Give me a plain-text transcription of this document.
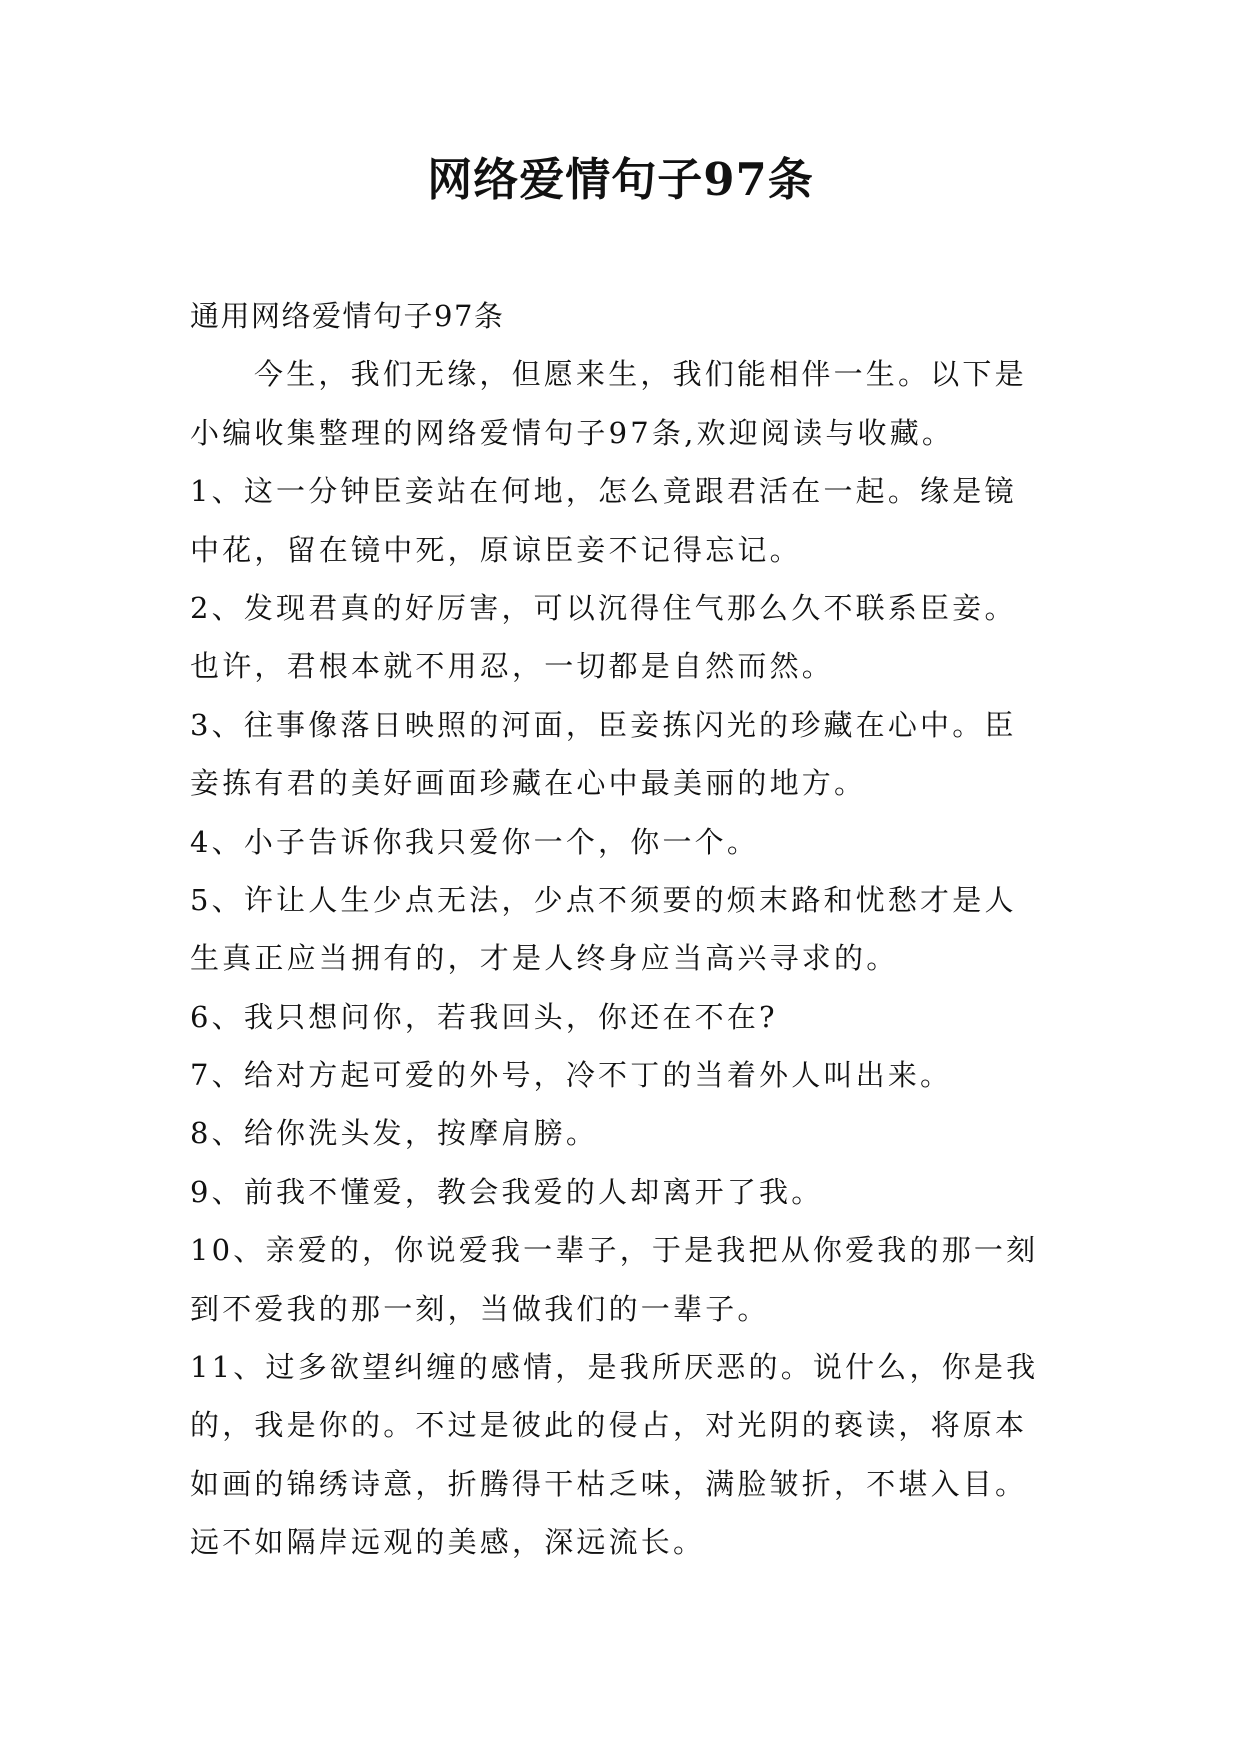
网络爱情句子97条
通用网络爱情句子97条
今生，我们无缘，但愿来生，我们能相伴一生。以下是
小编收集整理的网络爱情句子97条,欢迎阅读与收藏。
1、这一分钟臣妾站在何地，怎么竟跟君活在一起。缘是镜
中花，留在镜中死，原谅臣妾不记得忘记。
2、发现君真的好厉害，可以沉得住气那么久不联系臣妾。
也许，君根本就不用忍，一切都是自然而然。
3、往事像落日映照的河面，臣妾拣闪光的珍藏在心中。臣
妾拣有君的美好画面珍藏在心中最美丽的地方。
4、小子告诉你我只爱你一个，你一个。
5、许让人生少点无法，少点不须要的烦末路和忧愁才是人
生真正应当拥有的，才是人终身应当高兴寻求的。
6、我只想问你，若我回头，你还在不在?
7、给对方起可爱的外号，冷不丁的当着外人叫出来。
8、给你洗头发，按摩肩膀。
9、前我不懂爱，教会我爱的人却离开了我。
10、亲爱的，你说爱我一辈子，于是我把从你爱我的那一刻
到不爱我的那一刻，当做我们的一辈子。
11、过多欲望纠缠的感情，是我所厌恶的。说什么，你是我
的，我是你的。不过是彼此的侵占，对光阴的亵读，将原本
如画的锦绣诗意，折腾得干枯乏味，满脸皱折，不堪入目。
远不如隔岸远观的美感，深远流长。
